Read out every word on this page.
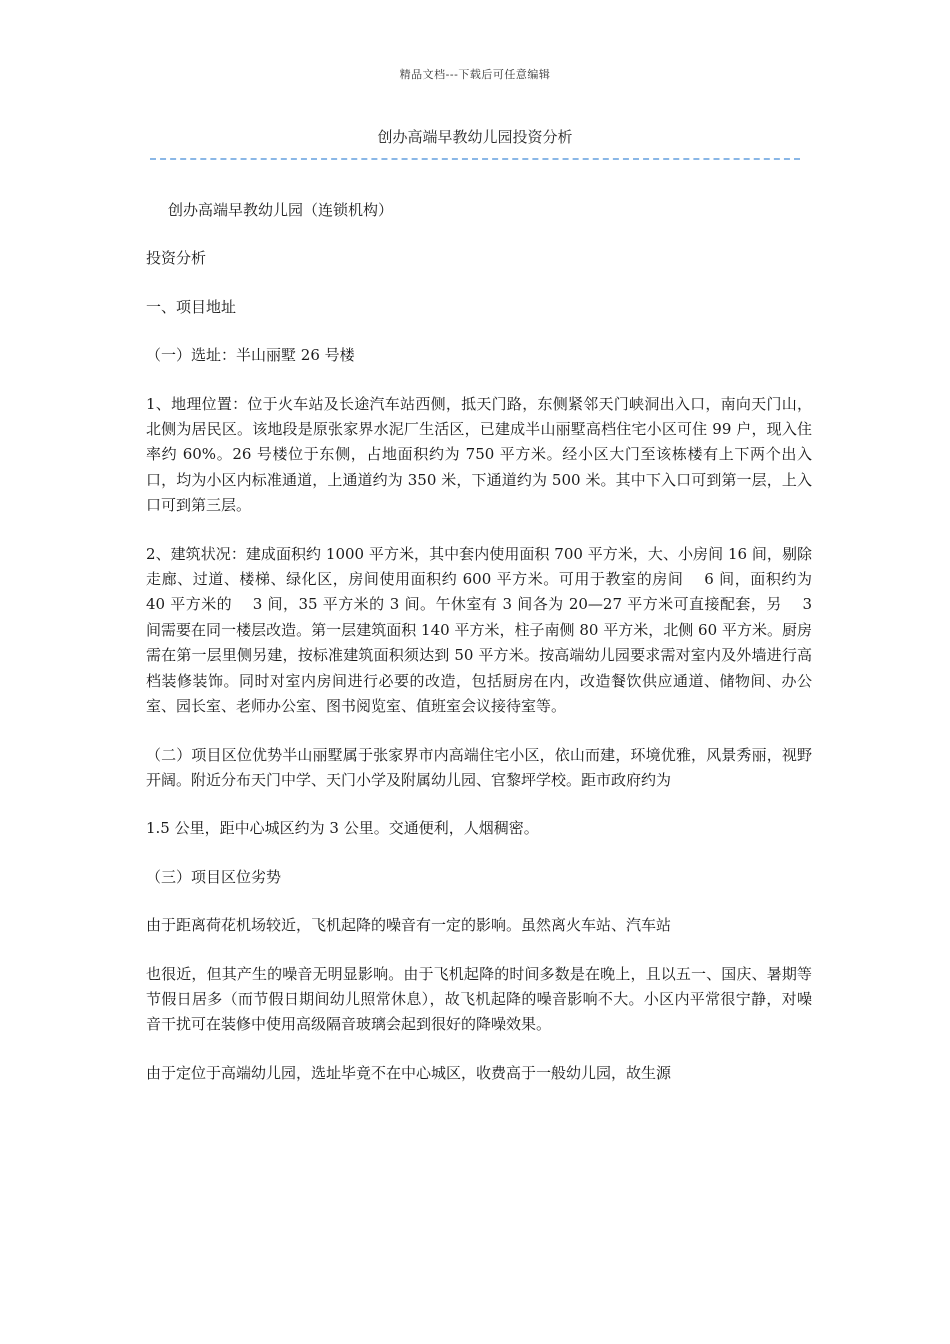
精品文档---下载后可任意编辑
创办高端早教幼儿园投资分析

创办高端早教幼儿园（连锁机构）

投资分析

一、项目地址

（一）选址：半山丽墅 26 号楼

1、地理位置：位于火车站及长途汽车站西侧，抵天门路，东侧紧邻天门峡洞出入口，南向天门山，北侧为居民区。该地段是原张家界水泥厂生活区，已建成半山丽墅高档住宅小区可住 99 户，现入住率约 60%。26 号楼位于东侧，占地面积约为 750 平方米。经小区大门至该栋楼有上下两个出入口，均为小区内标准通道，上通道约为 350 米，下通道约为 500 米。其中下入口可到第一层，上入口可到第三层。

2、建筑状况：建成面积约 1000 平方米，其中套内使用面积 700 平方米，大、小房间 16 间，剔除走廊、过道、楼梯、绿化区，房间使用面积约 600 平方米。可用于教室的房间　 6 间，面积约为 40 平方米的　 3 间，35 平方米的 3 间。午休室有 3 间各为 20—27 平方米可直接配套，另　 3 间需要在同一楼层改造。第一层建筑面积 140 平方米，柱子南侧 80 平方米，北侧 60 平方米。厨房需在第一层里侧另建，按标准建筑面积须达到 50 平方米。按高端幼儿园要求需对室内及外墙进行高档装修装饰。同时对室内房间进行必要的改造，包括厨房在内，改造餐饮供应通道、储物间、办公室、园长室、老师办公室、图书阅览室、值班室会议接待室等。

（二）项目区位优势半山丽墅属于张家界市内高端住宅小区，依山而建，环境优雅，风景秀丽，视野开阔。附近分布天门中学、天门小学及附属幼儿园、官黎坪学校。距市政府约为

1.5 公里，距中心城区约为 3 公里。交通便利，人烟稠密。

（三）项目区位劣势

由于距离荷花机场较近，飞机起降的噪音有一定的影响。虽然离火车站、汽车站

也很近，但其产生的噪音无明显影响。由于飞机起降的时间多数是在晚上，且以五一、国庆、暑期等节假日居多（而节假日期间幼儿照常休息），故飞机起降的噪音影响不大。小区内平常很宁静，对噪音干扰可在装修中使用高级隔音玻璃会起到很好的降噪效果。

由于定位于高端幼儿园，选址毕竟不在中心城区，收费高于一般幼儿园，故生源
